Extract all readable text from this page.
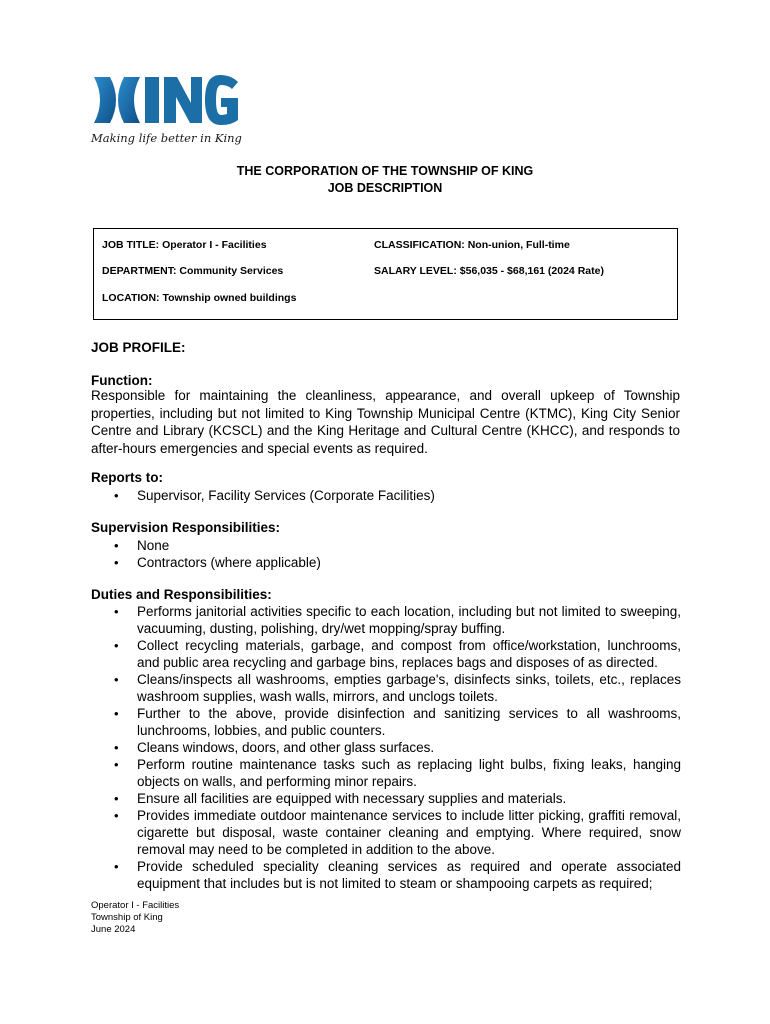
Making life better in King
THE CORPORATION OF THE TOWNSHIP OF KING
JOB DESCRIPTION
JOB TITLE: Operator I - Facilities	CLASSIFICATION: Non-union, Full-time
DEPARTMENT: Community Services	SALARY LEVEL: $56,035 - $68,161 (2024 Rate)
LOCATION: Township owned buildings
JOB PROFILE:
Function:
Responsible for maintaining the cleanliness, appearance, and overall upkeep of Township properties, including but not limited to King Township Municipal Centre (KTMC), King City Senior Centre and Library (KCSCL) and the King Heritage and Cultural Centre (KHCC), and responds to after-hours emergencies and special events as required.
Reports to:
• Supervisor, Facility Services (Corporate Facilities)
Supervision Responsibilities:
• None
• Contractors (where applicable)
Duties and Responsibilities:
• Performs janitorial activities specific to each location, including but not limited to sweeping, vacuuming, dusting, polishing, dry/wet mopping/spray buffing.
• Collect recycling materials, garbage, and compost from office/workstation, lunchrooms, and public area recycling and garbage bins, replaces bags and disposes of as directed.
• Cleans/inspects all washrooms, empties garbage's, disinfects sinks, toilets, etc., replaces washroom supplies, wash walls, mirrors, and unclogs toilets.
• Further to the above, provide disinfection and sanitizing services to all washrooms, lunchrooms, lobbies, and public counters.
• Cleans windows, doors, and other glass surfaces.
• Perform routine maintenance tasks such as replacing light bulbs, fixing leaks, hanging objects on walls, and performing minor repairs.
• Ensure all facilities are equipped with necessary supplies and materials.
• Provides immediate outdoor maintenance services to include litter picking, graffiti removal, cigarette but disposal, waste container cleaning and emptying. Where required, snow removal may need to be completed in addition to the above.
• Provide scheduled speciality cleaning services as required and operate associated equipment that includes but is not limited to steam or shampooing carpets as required;
Operator I - Facilities
Township of King
June 2024
